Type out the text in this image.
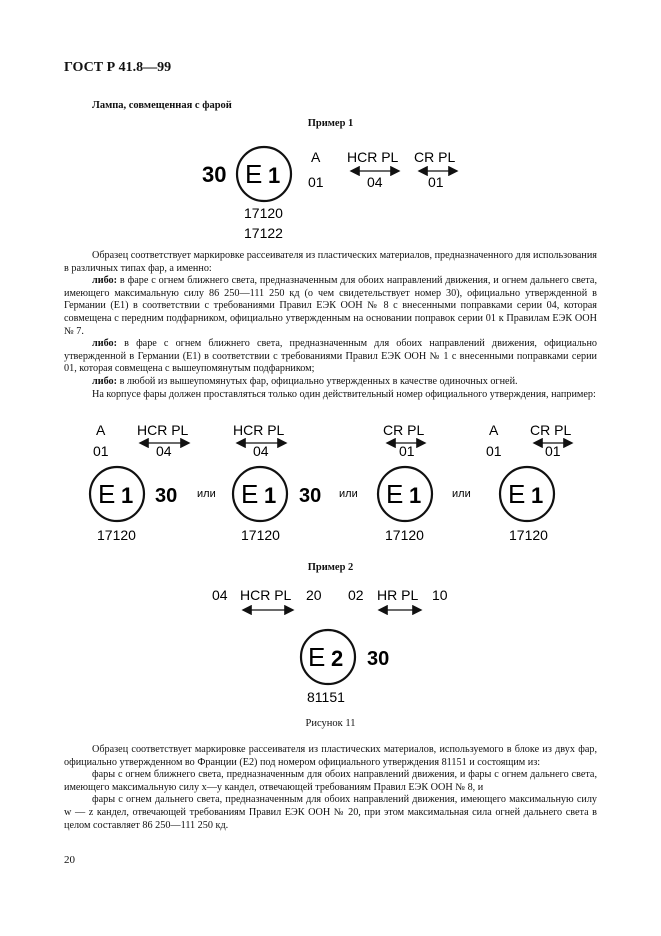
ГОСТ Р 41.8—99
Лампа, совмещенная с фарой
Пример 1
30 E 1
A
01
HCR PL
04
CR PL
01
17120
17122

Образец соответствует маркировке рассеивателя из пластических материалов, предназначенного для использования в различных типах фар, а именно:

либо: в фаре с огнем ближнего света, предназначенным для обоих направлений движения, и огнем дальнего света, имеющего максимальную силу 86 250—111 250 кд (о чем свидетельствует номер 30), официально утвержденной в Германии (E1) в соответствии с требованиями Правил ЕЭК ООН № 8 с внесенными поправками серии 04, которая совмещена с передним подфарником, официально утвержденным на основании поправок серии 01 к Правилам ЕЭК ООН № 7.

либо: в фаре с огнем ближнего света, предназначенным для обоих направлений движения, официально утвержденной в Германии (E1) в соответствии с требованиями Правил ЕЭК ООН № 1 с внесенными поправками серии 01, которая совмещена с вышеупомянутым подфарником;

либо: в любой из вышеупомянутых фар, официально утвержденных в качестве одиночных огней.

На корпусе фары должен проставляться только один действительный номер официального утверждения, например:

A
01
HCR PL
04
E 1 30
17120
или
HCR PL
04
E 1 30
17120
или
CR PL
01
E 1
17120
или
A
01
CR PL
01
E 1
17120
Пример 2
04 HCR PL 20 02 HR PL 10
E 2 30
81151
Рисунок 11

Образец соответствует маркировке рассеивателя из пластических материалов, используемого в блоке из двух фар, официально утвержденном во Франции (E2) под номером официального утверждения 81151 и состоящим из:

фары с огнем ближнего света, предназначенным для обоих направлений движения, и фары с огнем дальнего света, имеющего максимальную силу x—y кандел, отвечающей требованиям Правил ЕЭК ООН № 8, и

фары с огнем дальнего света, предназначенным для обоих направлений движения, имеющего максимальную силу w — z кандел, отвечающей требованиям Правил ЕЭК ООН № 20, при этом максимальная сила огней дальнего света в целом составляет 86 250—111 250 кд.

20
